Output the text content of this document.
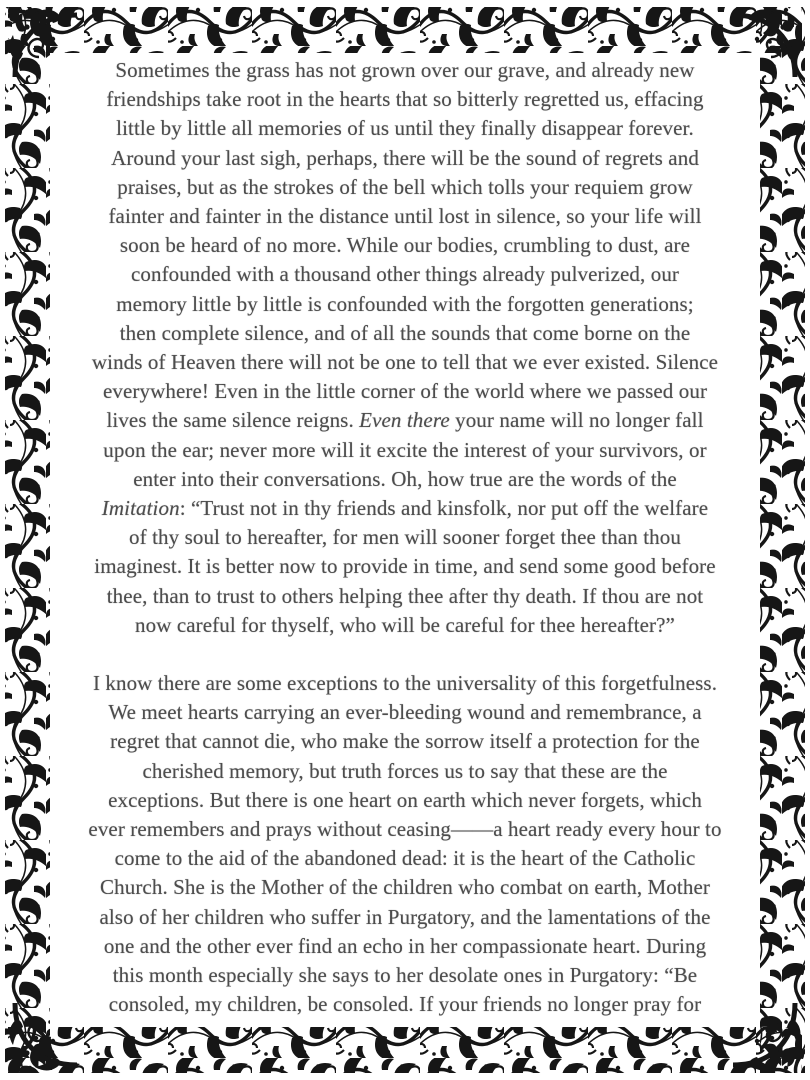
Sometimes the grass has not grown over our grave, and already new
friendships take root in the hearts that so bitterly regretted us, effacing
little by little all memories of us until they finally disappear forever.
Around your last sigh, perhaps, there will be the sound of regrets and
praises, but as the strokes of the bell which tolls your requiem grow
fainter and fainter in the distance until lost in silence, so your life will
soon be heard of no more. While our bodies, crumbling to dust, are
confounded with a thousand other things already pulverized, our
memory little by little is confounded with the forgotten generations;
then complete silence, and of all the sounds that come borne on the
winds of Heaven there will not be one to tell that we ever existed. Silence
everywhere! Even in the little corner of the world where we passed our
lives the same silence reigns. Even there your name will no longer fall
upon the ear; never more will it excite the interest of your survivors, or
enter into their conversations. Oh, how true are the words of the
Imitation: “Trust not in thy friends and kinsfolk, nor put off the welfare
of thy soul to hereafter, for men will sooner forget thee than thou
imaginest. It is better now to provide in time, and send some good before
thee, than to trust to others helping thee after thy death. If thou are not
now careful for thyself, who will be careful for thee hereafter?”
I know there are some exceptions to the universality of this forgetfulness.
We meet hearts carrying an ever-bleeding wound and remembrance, a
regret that cannot die, who make the sorrow itself a protection for the
cherished memory, but truth forces us to say that these are the
exceptions. But there is one heart on earth which never forgets, which
ever remembers and prays without ceasing——a heart ready every hour to
come to the aid of the abandoned dead: it is the heart of the Catholic
Church. She is the Mother of the children who combat on earth, Mother
also of her children who suffer in Purgatory, and the lamentations of the
one and the other ever find an echo in her compassionate heart. During
this month especially she says to her desolate ones in Purgatory: “Be
consoled, my children, be consoled. If your friends no longer pray for
